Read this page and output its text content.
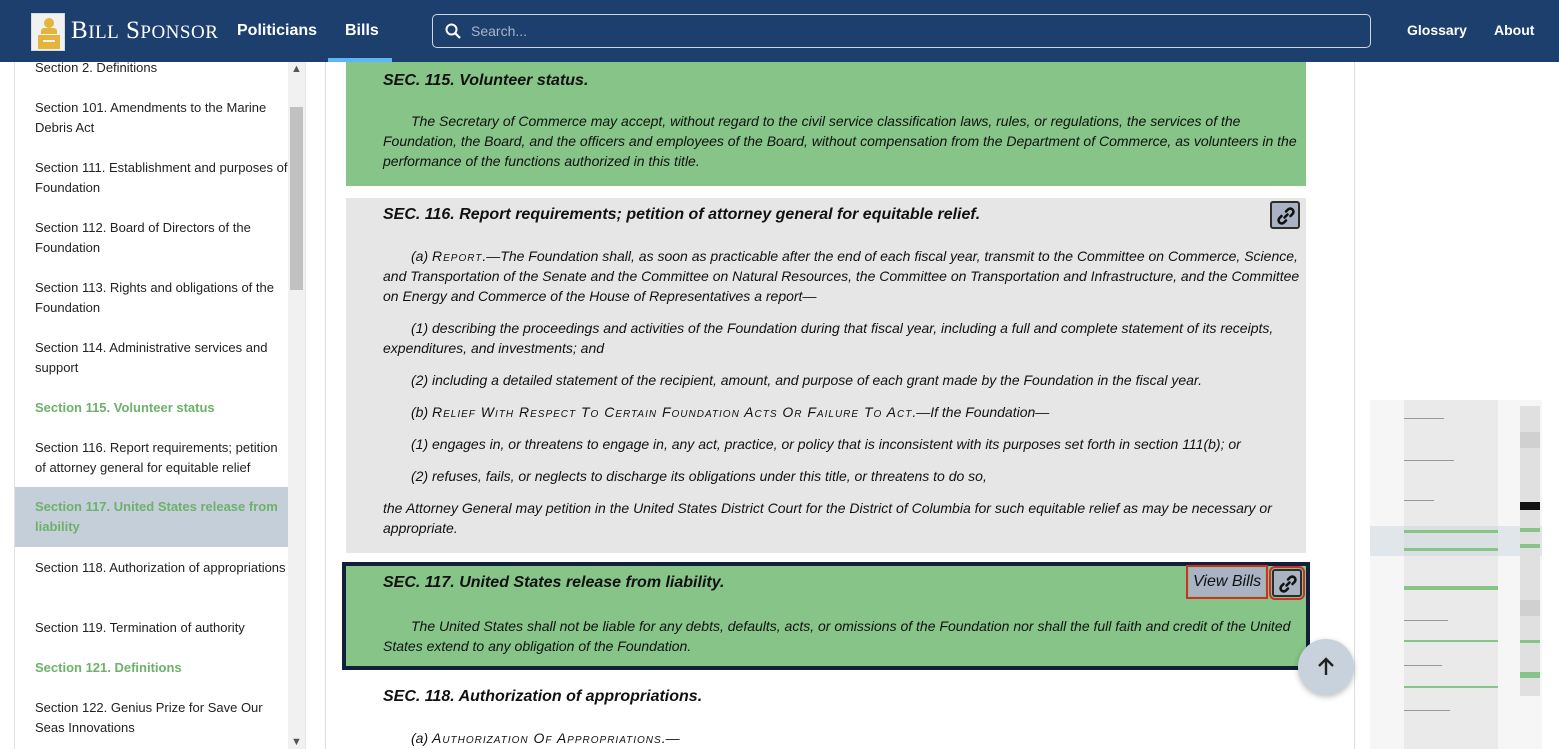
BILL SPONSOR Politicians Bills
Search...	Glossary About
Section 2. Definitions
Section 101. Amendments to the Marine Debris Act
Section 111. Establishment and purposes of Foundation
Section 112. Board of Directors of the Foundation
Section 113. Rights and obligations of the Foundation
Section 114. Administrative services and support
Section 115. Volunteer status
Section 116. Report requirements; petition of attorney general for equitable relief
Section 117. United States release from liability
Section 118. Authorization of appropriations
Section 119. Termination of authority
Section 121. Definitions
Section 122. Genius Prize for Save Our Seas Innovations
▲
▼
SEC. 115. Volunteer status.
The Secretary of Commerce may accept, without regard to the civil service classification laws, rules, or regulations, the services of the Foundation, the Board, and the officers and employees of the Board, without compensation from the Department of Commerce, as volunteers in the performance of the functions authorized in this title.
SEC. 116. Report requirements; petition of attorney general for equitable relief.
(a) Report.—The Foundation shall, as soon as practicable after the end of each fiscal year, transmit to the Committee on Commerce, Science, and Transportation of the Senate and the Committee on Natural Resources, the Committee on Transportation and Infrastructure, and the Committee on Energy and Commerce of the House of Representatives a report—
(1) describing the proceedings and activities of the Foundation during that fiscal year, including a full and complete statement of its receipts, expenditures, and investments; and
(2) including a detailed statement of the recipient, amount, and purpose of each grant made by the Foundation in the fiscal year.
(b) Relief With Respect To Certain Foundation Acts Or Failure To Act.—If the Foundation—
(1) engages in, or threatens to engage in, any act, practice, or policy that is inconsistent with its purposes set forth in section 111(b); or
(2) refuses, fails, or neglects to discharge its obligations under this title, or threatens to do so,
the Attorney General may petition in the United States District Court for the District of Columbia for such equitable relief as may be necessary or appropriate.
SEC. 117. United States release from liability.	View Bills
The United States shall not be liable for any debts, defaults, acts, or omissions of the Foundation nor shall the full faith and credit of the United States extend to any obligation of the Foundation.
SEC. 118. Authorization of appropriations.
(a) Authorization Of Appropriations.—
